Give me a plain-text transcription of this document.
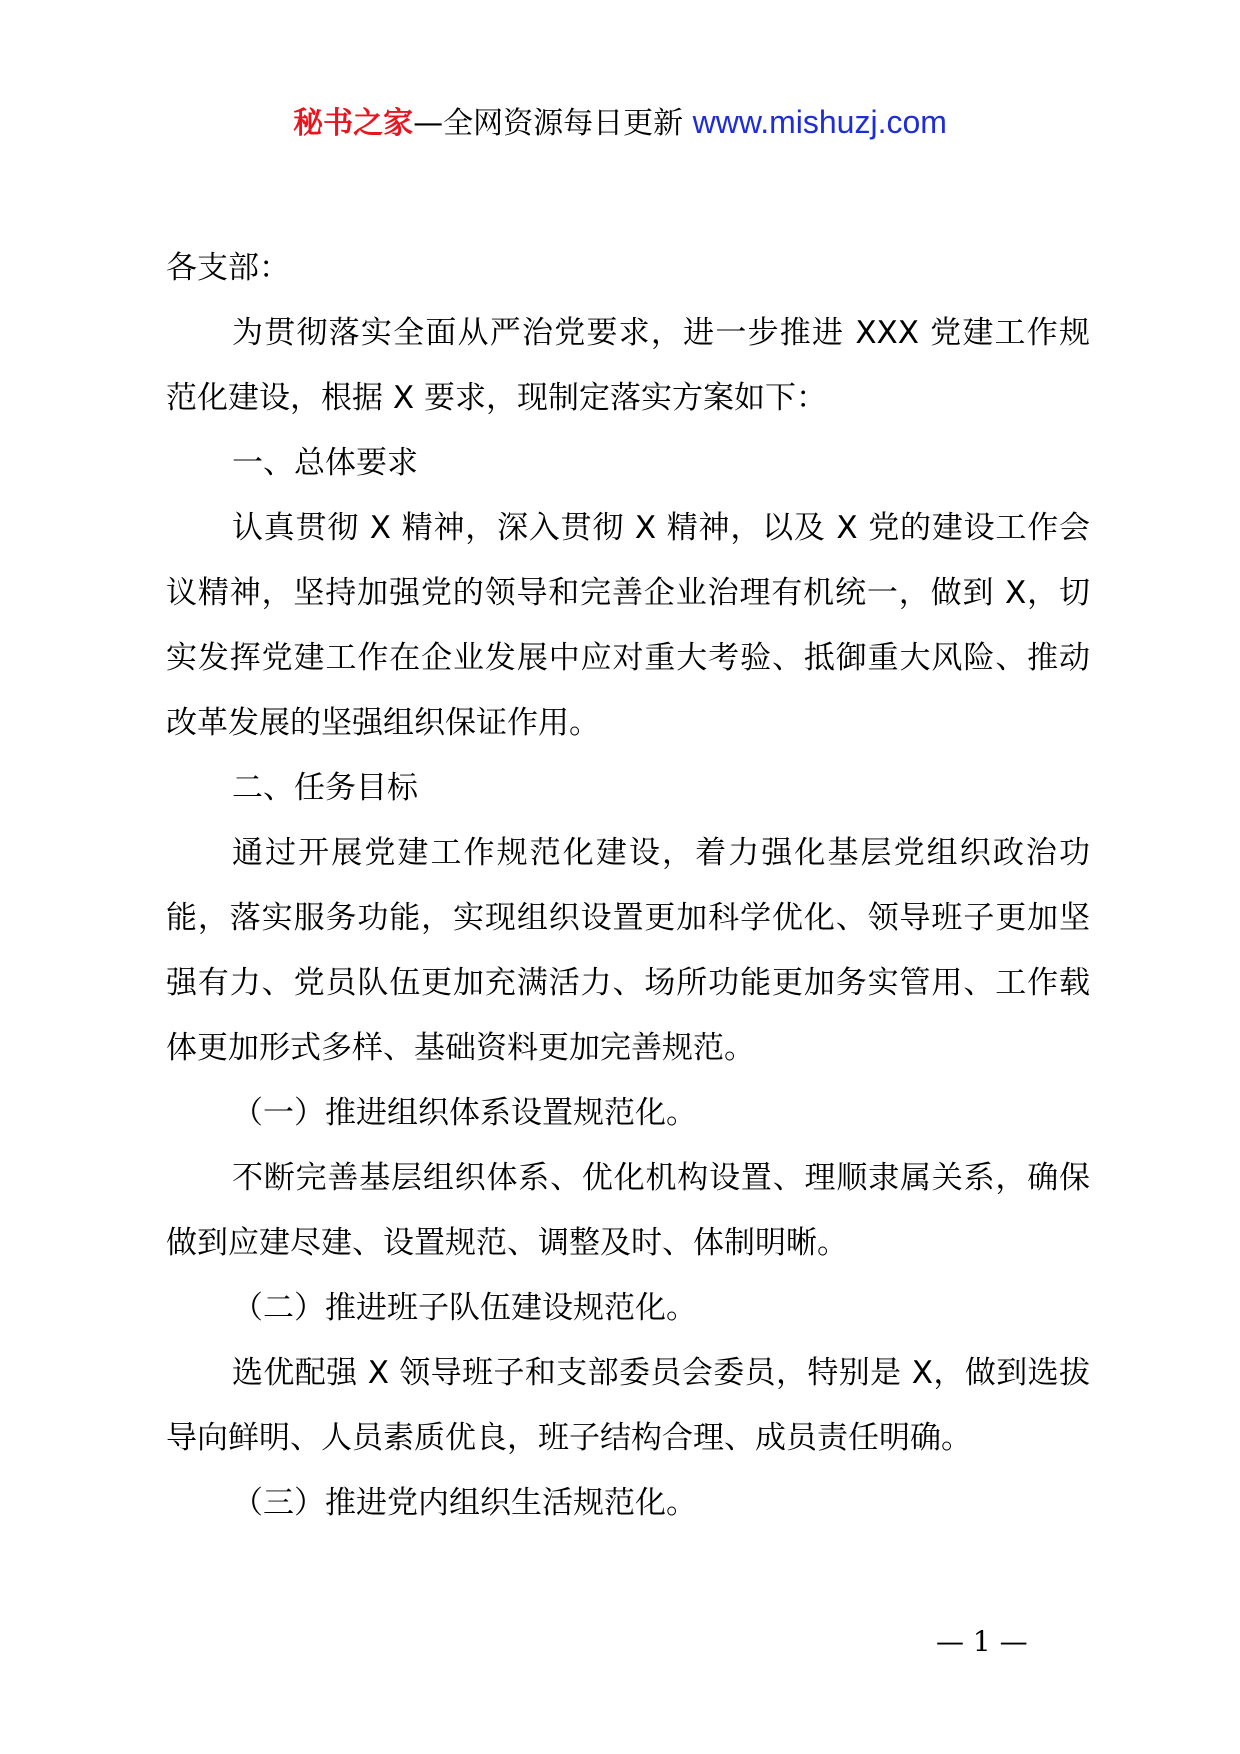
秘书之家—全网资源每日更新 www.mishuzj.com

各支部：

为贯彻落实全面从严治党要求，进一步推进 XXX 党建工作规范化建设，根据 X 要求，现制定落实方案如下：

一、总体要求

认真贯彻 X 精神，深入贯彻 X 精神，以及 X 党的建设工作会议精神，坚持加强党的领导和完善企业治理有机统一，做到 X，切实发挥党建工作在企业发展中应对重大考验、抵御重大风险、推动改革发展的坚强组织保证作用。

二、任务目标

通过开展党建工作规范化建设，着力强化基层党组织政治功能，落实服务功能，实现组织设置更加科学优化、领导班子更加坚强有力、党员队伍更加充满活力、场所功能更加务实管用、工作载体更加形式多样、基础资料更加完善规范。

（一）推进组织体系设置规范化。

不断完善基层组织体系、优化机构设置、理顺隶属关系，确保做到应建尽建、设置规范、调整及时、体制明晰。

（二）推进班子队伍建设规范化。

选优配强 X 领导班子和支部委员会委员，特别是 X，做到选拔导向鲜明、人员素质优良，班子结构合理、成员责任明确。

（三）推进党内组织生活规范化。

— 1 —
